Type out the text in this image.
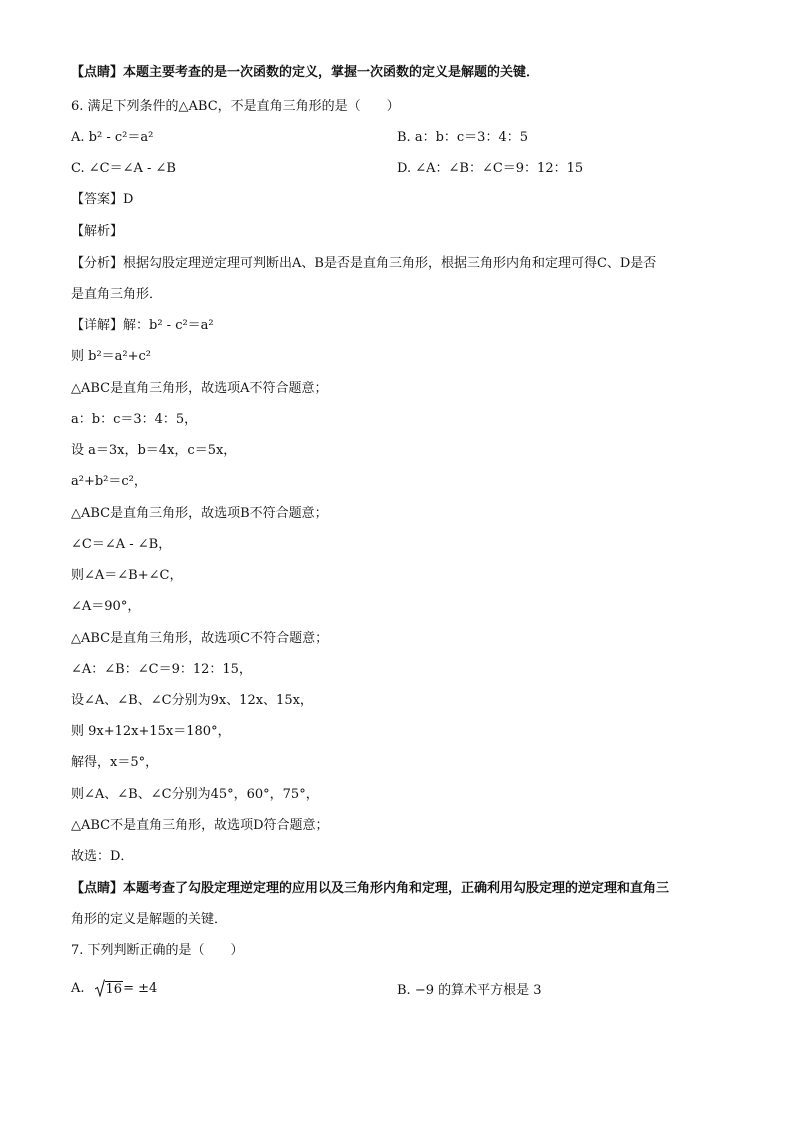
【点睛】本题主要考查的是一次函数的定义，掌握一次函数的定义是解题的关键．
6. 满足下列条件的△ABC，不是直角三角形的是（　　）
A. b² - c²＝a²	B. a：b：c＝3：4：5
C. ∠C＝∠A - ∠B	D. ∠A：∠B：∠C＝9：12：15
【答案】D
【解析】
【分析】根据勾股定理逆定理可判断出A、B是否是直角三角形，根据三角形内角和定理可得C、D是否
是直角三角形．
【详解】解：b² - c²＝a²
则 b²＝a²+c²
△ABC是直角三角形，故选项A不符合题意；
a：b：c＝3：4：5，
设 a＝3x，b＝4x，c＝5x，
a²+b²＝c²，
△ABC是直角三角形，故选项B不符合题意；
∠C＝∠A - ∠B，
则∠A＝∠B+∠C，
∠A＝90°，
△ABC是直角三角形，故选项C不符合题意；
∠A：∠B：∠C＝9：12：15，
设∠A、∠B、∠C分别为9x、12x、15x，
则 9x+12x+15x＝180°，
解得，x＝5°，
则∠A、∠B、∠C分别为45°，60°，75°，
△ABC不是直角三角形，故选项D符合题意；
故选：D．
【点睛】本题考查了勾股定理逆定理的应用以及三角形内角和定理，正确利用勾股定理的逆定理和直角三
角形的定义是解题的关键．
7. 下列判断正确的是（　　）
A. 16 = ±4	B. −9 的算术平方根是 3
